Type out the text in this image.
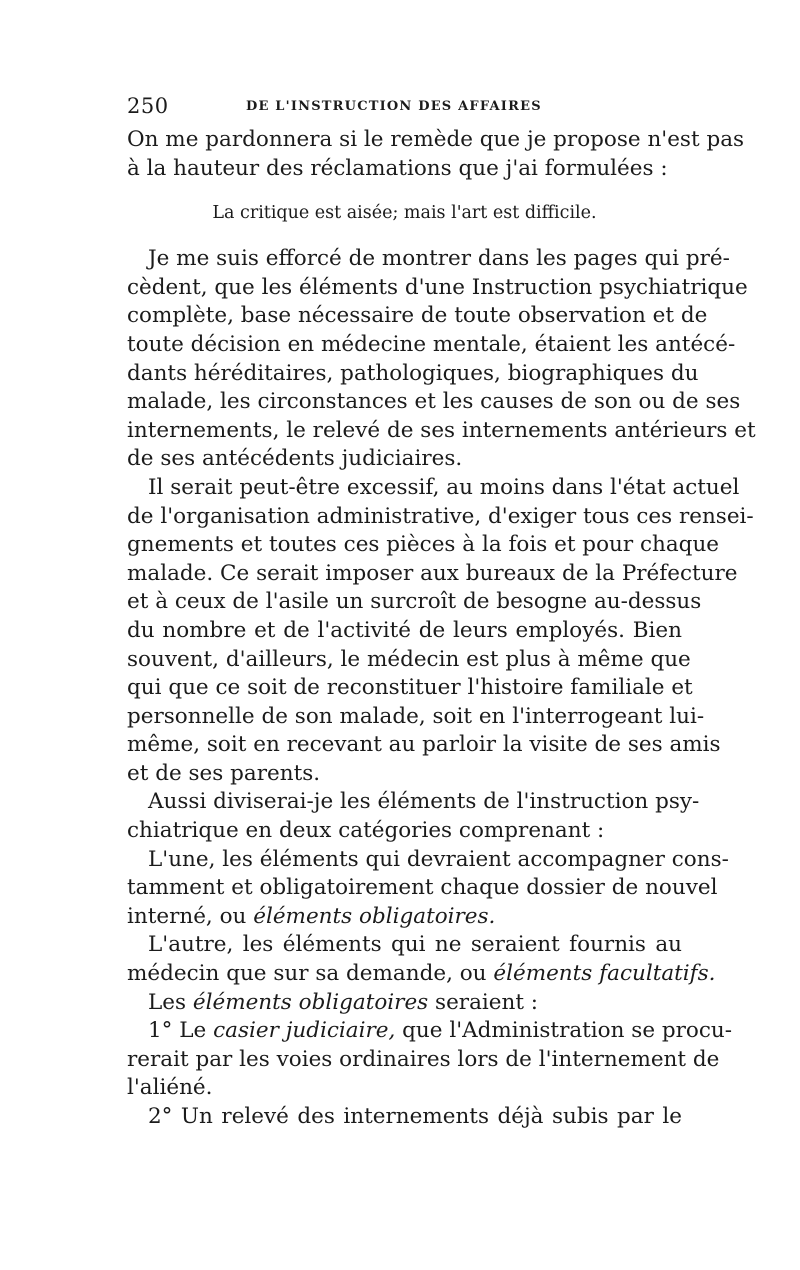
250	DE L'INSTRUCTION DES AFFAIRES
On me pardonnera si le remède que je propose n'est pas
à la hauteur des réclamations que j'ai formulées :
La critique est aisée; mais l'art est difficile.
Je me suis efforcé de montrer dans les pages qui pré-
cèdent, que les éléments d'une Instruction psychiatrique
complète, base nécessaire de toute observation et de
toute décision en médecine mentale, étaient les antécé-
dants héréditaires, pathologiques, biographiques du
malade, les circonstances et les causes de son ou de ses
internements, le relevé de ses internements antérieurs et
de ses antécédents judiciaires.
Il serait peut-être excessif, au moins dans l'état actuel
de l'organisation administrative, d'exiger tous ces rensei-
gnements et toutes ces pièces à la fois et pour chaque
malade. Ce serait imposer aux bureaux de la Préfecture
et à ceux de l'asile un surcroît de besogne au-dessus
du nombre et de l'activité de leurs employés. Bien
souvent, d'ailleurs, le médecin est plus à même que
qui que ce soit de reconstituer l'histoire familiale et
personnelle de son malade, soit en l'interrogeant lui-
même, soit en recevant au parloir la visite de ses amis
et de ses parents.
Aussi diviserai-je les éléments de l'instruction psy-
chiatrique en deux catégories comprenant :
L'une, les éléments qui devraient accompagner cons-
tamment et obligatoirement chaque dossier de nouvel
interné, ou éléments obligatoires.
L'autre, les éléments qui ne seraient fournis au
médecin que sur sa demande, ou éléments facultatifs.
Les éléments obligatoires seraient :
1° Le casier judiciaire, que l'Administration se procu-
rerait par les voies ordinaires lors de l'internement de
l'aliéné.
2° Un relevé des internements déjà subis par le
